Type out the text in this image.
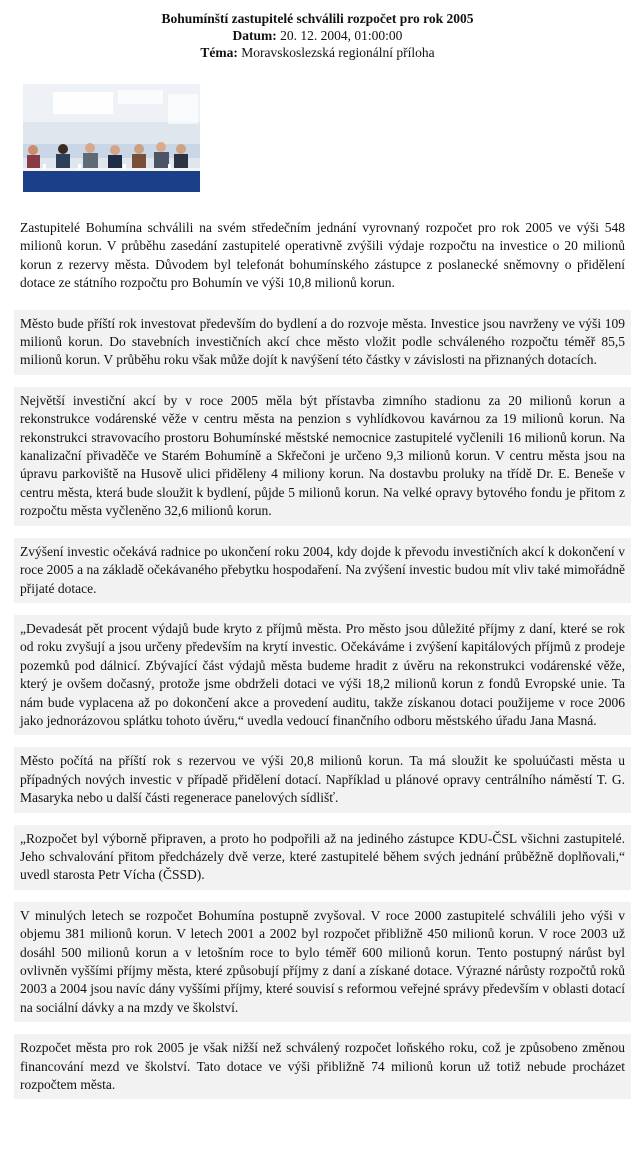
Bohumínští zastupitelé schválili rozpočet pro rok 2005
Datum: 20. 12. 2004, 01:00:00
Téma: Moravskoslezská regionální příloha
Zastupitelé Bohumína schválili na svém středečním jednání vyrovnaný rozpočet pro rok 2005 ve výši 548 milionů korun. V průběhu zasedání zastupitelé operativně zvýšili výdaje rozpočtu na investice o 20 milionů korun z rezervy města. Důvodem byl telefonát bohumínského zástupce z poslanecké sněmovny o přidělení dotace ze státního rozpočtu pro Bohumín ve výši 10,8 milionů korun.
Město bude příští rok investovat především do bydlení a do rozvoje města. Investice jsou navrženy ve výši 109 milionů korun. Do stavebních investičních akcí chce město vložit podle schváleného rozpočtu téměř 85,5 milionů korun. V průběhu roku však může dojít k navýšení této částky v závislosti na přiznaných dotacích.
Největší investiční akcí by v roce 2005 měla být přístavba zimního stadionu za 20 milionů korun a rekonstrukce vodárenské věže v centru města na penzion s vyhlídkovou kavárnou za 19 milionů korun. Na rekonstrukci stravovacího prostoru Bohumínské městské nemocnice zastupitelé vyčlenili 16 milionů korun. Na kanalizační přivaděče ve Starém Bohumíně a Skřečoni je určeno 9,3 milionů korun. V centru města jsou na úpravu parkoviště na Husově ulici přiděleny 4 miliony korun. Na dostavbu proluky na třídě Dr. E. Beneše v centru města, která bude sloužit k bydlení, půjde 5 milionů korun. Na velké opravy bytového fondu je přitom z rozpočtu města vyčleněno 32,6 milionů korun.
Zvýšení investic očekává radnice po ukončení roku 2004, kdy dojde k převodu investičních akcí k dokončení v roce 2005 a na základě očekávaného přebytku hospodaření. Na zvýšení investic budou mít vliv také mimořádně přijaté dotace.
„Devadesát pět procent výdajů bude kryto z příjmů města. Pro město jsou důležité příjmy z daní, které se rok od roku zvyšují a jsou určeny především na krytí investic. Očekáváme i zvýšení kapitálových příjmů z prodeje pozemků pod dálnicí. Zbývající část výdajů města budeme hradit z úvěru na rekonstrukci vodárenské věže, který je ovšem dočasný, protože jsme obdrželi dotaci ve výši 18,2 milionů korun z fondů Evropské unie. Ta nám bude vyplacena až po dokončení akce a provedení auditu, takže získanou dotaci použijeme v roce 2006 jako jednorázovou splátku tohoto úvěru,“ uvedla vedoucí finančního odboru městského úřadu Jana Masná.
Město počítá na příští rok s rezervou ve výši 20,8 milionů korun. Ta má sloužit ke spoluúčasti města u případných nových investic v případě přidělení dotací. Například u plánové opravy centrálního náměstí T. G. Masaryka nebo u další části regenerace panelových sídlišť.
„Rozpočet byl výborně připraven, a proto ho podpořili až na jediného zástupce KDU-ČSL všichni zastupitelé. Jeho schvalování přitom předcházely dvě verze, které zastupitelé během svých jednání průběžně doplňovali,“ uvedl starosta Petr Vícha (ČSSD).
V minulých letech se rozpočet Bohumína postupně zvyšoval. V roce 2000 zastupitelé schválili jeho výši v objemu 381 milionů korun. V letech 2001 a 2002 byl rozpočet přibližně 450 milionů korun. V roce 2003 už dosáhl 500 milionů korun a v letošním roce to bylo téměř 600 milionů korun. Tento postupný nárůst byl ovlivněn vyššími příjmy města, které způsobují příjmy z daní a získané dotace. Výrazné nárůsty rozpočtů roků 2003 a 2004 jsou navíc dány vyššími příjmy, které souvisí s reformou veřejné správy především v oblasti dotací na sociální dávky a na mzdy ve školství.
Rozpočet města pro rok 2005 je však nižší než schválený rozpočet loňského roku, což je způsobeno změnou financování mezd ve školství. Tato dotace ve výši přibližně 74 milionů korun už totiž nebude procházet rozpočtem města.
